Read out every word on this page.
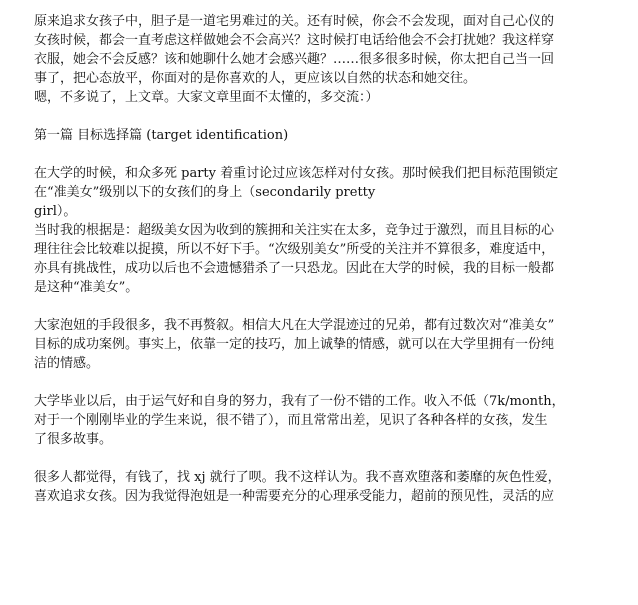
原来追求女孩子中，胆子是一道宅男难过的关。还有时候，你会不会发现，面对自己心仪的
女孩时候，都会一直考虑这样做她会不会高兴？这时候打电话给他会不会打扰她？我这样穿
衣服，她会不会反感？该和她聊什么她才会感兴趣？……很多很多时候，你太把自己当一回
事了，把心态放平，你面对的是你喜欢的人，更应该以自然的状态和她交往。
嗯，不多说了，上文章。大家文章里面不太懂的，多交流：）

第一篇 目标选择篇 (target identification)

在大学的时候，和众多死 party 着重讨论过应该怎样对付女孩。那时候我们把目标范围锁定
在“准美女”级别以下的女孩们的身上（secondarily pretty
girl）。
当时我的根据是：超级美女因为收到的簇拥和关注实在太多，竞争过于激烈，而且目标的心
理往往会比较难以捉摸，所以不好下手。“次级别美女”所受的关注并不算很多，难度适中，
亦具有挑战性，成功以后也不会遗憾猎杀了一只恐龙。因此在大学的时候，我的目标一般都
是这种“准美女”。

大家泡妞的手段很多，我不再赘叙。相信大凡在大学混迹过的兄弟，都有过数次对“准美女”
目标的成功案例。事实上，依靠一定的技巧，加上诚挚的情感，就可以在大学里拥有一份纯
洁的情感。

大学毕业以后，由于运气好和自身的努力，我有了一份不错的工作。收入不低（7k/month，
对于一个刚刚毕业的学生来说，很不错了），而且常常出差，见识了各种各样的女孩，发生
了很多故事。

很多人都觉得，有钱了，找 xj 就行了呗。我不这样认为。我不喜欢堕落和萎靡的灰色性爱，
喜欢追求女孩。因为我觉得泡妞是一种需要充分的心理承受能力，超前的预见性，灵活的应
